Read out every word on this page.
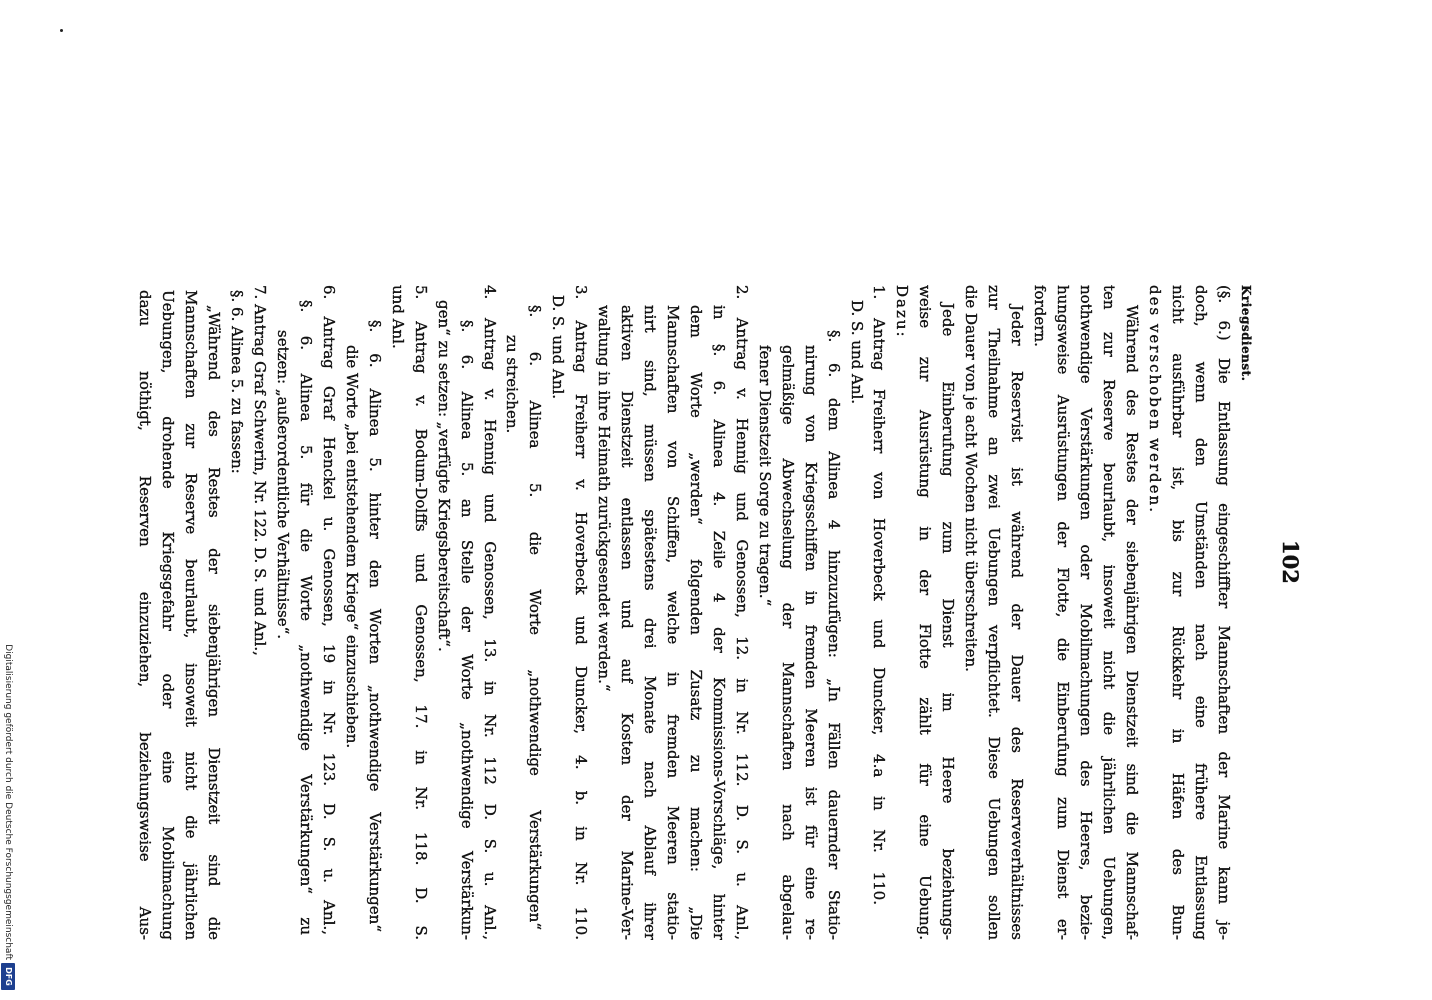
102
Kriegsdienst.
(§. 6.) Die Entlassung eingeschiffter Mannschaften der Marine kann je-
doch, wenn den Umständen nach eine frühere Entlassung
nicht ausführbar ist, bis zur Rückkehr in Häfen des Bun-
des verschoben werden.
Während des Restes der siebenjährigen Dienstzeit sind die Mannschaf-
ten zur Reserve beurlaubt, insoweit nicht die jährlichen Uebungen,
nothwendige Verstärkungen oder Mobilmachungen des Heeres, bezie-
hungsweise Ausrüstungen der Flotte, die Einberufung zum Dienst er-
fordern.
Jeder Reservist ist während der Dauer des Reserveverhältnisses
zur Theilnahme an zwei Uebungen verpflichtet. Diese Uebungen sollen
die Dauer von je acht Wochen nicht überschreiten.
Jede Einberufung zum Dienst im Heere beziehungs-
weise zur Ausrüstung in der Flotte zählt für eine Uebung.
Dazu:
1. Antrag Freiherr von Hoverbeck und Duncker, 4.a in Nr. 110.
D. S. und Anl.
§. 6. dem Alinea 4 hinzuzufügen: „In Fällen dauernder Statio-
nirung von Kriegsschiffen in fremden Meeren ist für eine re-
gelmäßige Abwechselung der Mannschaften nach abgelau-
fener Dienstzeit Sorge zu tragen.“
2. Antrag v. Hennig und Genossen, 12. in Nr. 112. D. S. u. Anl.,
in §. 6. Alinea 4. Zeile 4 der Kommissions-Vorschläge, hinter
dem Worte „werden“ folgenden Zusatz zu machen: „Die
Mannschaften von Schiffen, welche in fremden Meeren statio-
nirt sind, müssen spätestens drei Monate nach Ablauf ihrer
aktiven Dienstzeit entlassen und auf Kosten der Marine-Ver-
waltung in ihre Heimath zurückgesendet werden.“
3. Antrag Freiherr v. Hoverbeck und Duncker, 4. b. in Nr. 110.
D. S. und Anl.
§. 6. Alinea 5. die Worte „nothwendige Verstärkungen“
zu streichen.
4. Antrag v. Hennig und Genossen, 13. in Nr. 112 D. S. u. Anl.,
§. 6. Alinea 5. an Stelle der Worte „nothwendige Verstärkun-
gen“ zu setzen: „verfügte Kriegsbereitschaft“.
5. Antrag v. Bodum-Dolffs und Genossen, 17. in Nr. 118. D. S.
und Anl.
§. 6. Alinea 5. hinter den Worten „nothwendige Verstärkungen“
die Worte „bei entstehendem Kriege“ einzuschieben.
6. Antrag Graf Henckel u. Genossen, 19 in Nr. 123. D. S. u. Anl.,
§. 6. Alinea 5. für die Worte „nothwendige Verstärkungen“ zu
setzen: „außerordentliche Verhältnisse“.
7. Antrag Graf Schwerin, Nr. 122. D. S. und Anl.,
§. 6. Alinea 5. zu fassen:
„Während des Restes der siebenjährigen Dienstzeit sind die
Mannschaften zur Reserve beurlaubt, insoweit nicht die jährlichen
Uebungen, drohende Kriegsgefahr oder eine Mobilmachung
dazu nöthigt, Reserven einzuziehen, beziehungsweise Aus-
Digitalisierung gefördert durch die Deutsche Forschungsgemeinschaft
DFG
